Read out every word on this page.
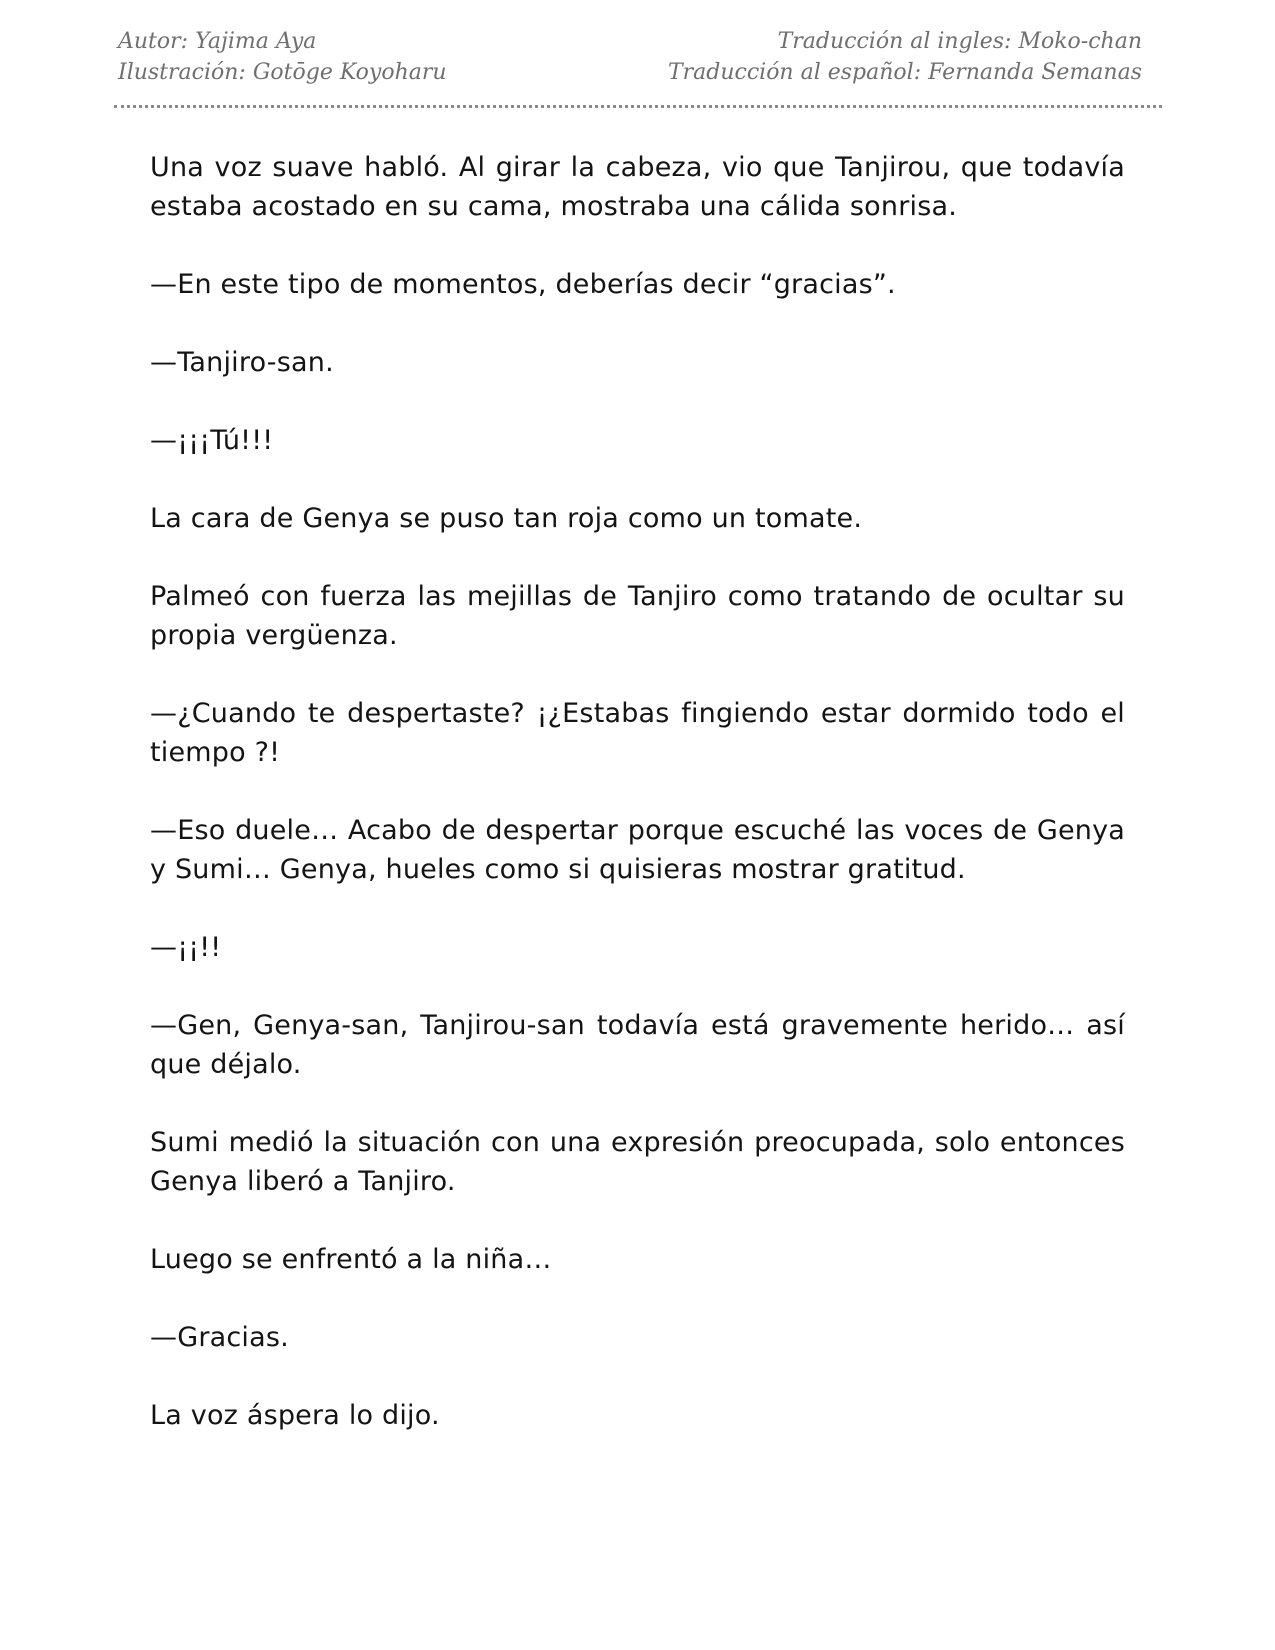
Autor: Yajima Aya
Ilustración: Gotōge Koyoharu
Traducción al ingles: Moko-chan
Traducción al español: Fernanda Semanas

Una voz suave habló. Al girar la cabeza, vio que Tanjirou, que todavía estaba acostado en su cama, mostraba una cálida sonrisa.

—En este tipo de momentos, deberías decir “gracias”.

—Tanjiro-san.

—¡¡¡Tú!!!

La cara de Genya se puso tan roja como un tomate.

Palmeó con fuerza las mejillas de Tanjiro como tratando de ocultar su propia vergüenza.

—¿Cuando te despertaste? ¡¿Estabas fingiendo estar dormido todo el tiempo ?!

—Eso duele… Acabo de despertar porque escuché las voces de Genya y Sumi… Genya, hueles como si quisieras mostrar gratitud.

—¡¡!!

—Gen, Genya-san, Tanjirou-san todavía está gravemente herido… así que déjalo.

Sumi medió la situación con una expresión preocupada, solo entonces Genya liberó a Tanjiro.

Luego se enfrentó a la niña…

—Gracias.

La voz áspera lo dijo.
